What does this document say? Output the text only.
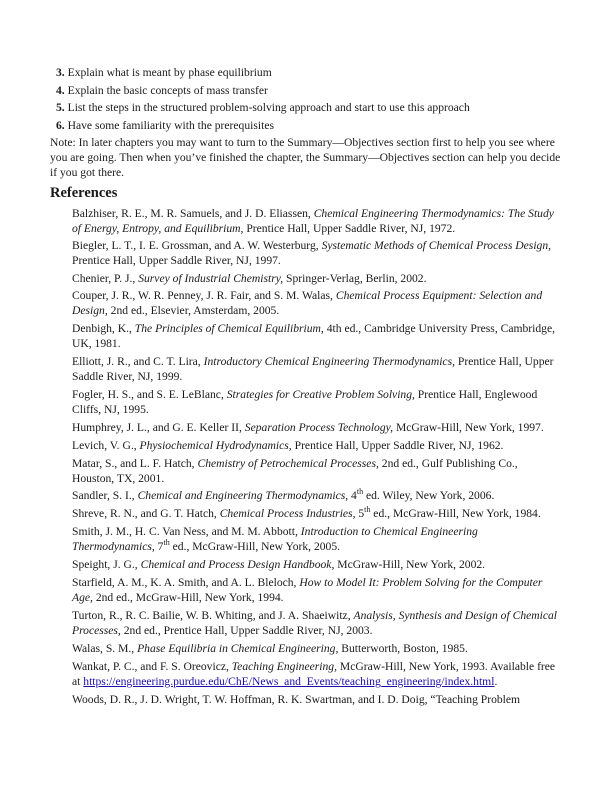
3. Explain what is meant by phase equilibrium
4. Explain the basic concepts of mass transfer
5. List the steps in the structured problem-solving approach and start to use this approach
6. Have some familiarity with the prerequisites

Note: In later chapters you may want to turn to the Summary—Objectives section first to help you see where you are going. Then when you’ve finished the chapter, the Summary—Objectives section can help you decide if you got there.

References
Balzhiser, R. E., M. R. Samuels, and J. D. Eliassen, Chemical Engineering Thermodynamics: The Study of Energy, Entropy, and Equilibrium, Prentice Hall, Upper Saddle River, NJ, 1972.
Biegler, L. T., I. E. Grossman, and A. W. Westerburg, Systematic Methods of Chemical Process Design, Prentice Hall, Upper Saddle River, NJ, 1997.
Chenier, P. J., Survey of Industrial Chemistry, Springer-Verlag, Berlin, 2002.
Couper, J. R., W. R. Penney, J. R. Fair, and S. M. Walas, Chemical Process Equipment: Selection and Design, 2nd ed., Elsevier, Amsterdam, 2005.
Denbigh, K., The Principles of Chemical Equilibrium, 4th ed., Cambridge University Press, Cambridge, UK, 1981.
Elliott, J. R., and C. T. Lira, Introductory Chemical Engineering Thermodynamics, Prentice Hall, Upper Saddle River, NJ, 1999.
Fogler, H. S., and S. E. LeBlanc, Strategies for Creative Problem Solving, Prentice Hall, Englewood Cliffs, NJ, 1995.
Humphrey, J. L., and G. E. Keller II, Separation Process Technology, McGraw-Hill, New York, 1997.
Levich, V. G., Physiochemical Hydrodynamics, Prentice Hall, Upper Saddle River, NJ, 1962.
Matar, S., and L. F. Hatch, Chemistry of Petrochemical Processes, 2nd ed., Gulf Publishing Co., Houston, TX, 2001.
Sandler, S. I., Chemical and Engineering Thermodynamics, 4th ed. Wiley, New York, 2006.
Shreve, R. N., and G. T. Hatch, Chemical Process Industries, 5th ed., McGraw-Hill, New York, 1984.
Smith, J. M., H. C. Van Ness, and M. M. Abbott, Introduction to Chemical Engineering Thermodynamics, 7th ed., McGraw-Hill, New York, 2005.
Speight, J. G., Chemical and Process Design Handbook, McGraw-Hill, New York, 2002.
Starfield, A. M., K. A. Smith, and A. L. Bleloch, How to Model It: Problem Solving for the Computer Age, 2nd ed., McGraw-Hill, New York, 1994.
Turton, R., R. C. Bailie, W. B. Whiting, and J. A. Shaeiwitz, Analysis, Synthesis and Design of Chemical Processes, 2nd ed., Prentice Hall, Upper Saddle River, NJ, 2003.
Walas, S. M., Phase Equilibria in Chemical Engineering, Butterworth, Boston, 1985.
Wankat, P. C., and F. S. Oreovicz, Teaching Engineering, McGraw-Hill, New York, 1993. Available free at https://engineering.purdue.edu/ChE/News_and_Events/teaching_engineering/index.html.
Woods, D. R., J. D. Wright, T. W. Hoffman, R. K. Swartman, and I. D. Doig, “Teaching Problem
